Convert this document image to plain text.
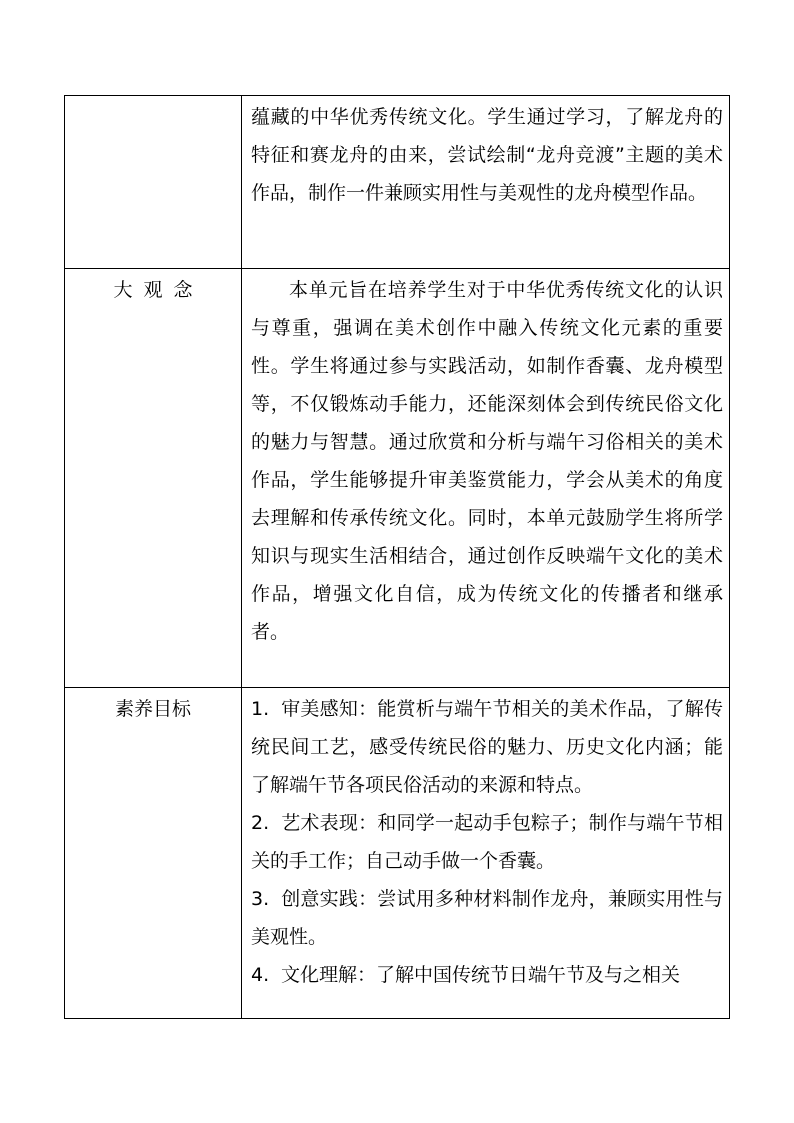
	蕴藏的中华优秀传统文化。学生通过学习，了解龙舟的特征和赛龙舟的由来，尝试绘制“龙舟竞渡”主题的美术作品，制作一件兼顾实用性与美观性的龙舟模型作品。

大观念	本单元旨在培养学生对于中华优秀传统文化的认识与尊重，强调在美术创作中融入传统文化元素的重要性。学生将通过参与实践活动，如制作香囊、龙舟模型等，不仅锻炼动手能力，还能深刻体会到传统民俗文化的魅力与智慧。通过欣赏和分析与端午习俗相关的美术作品，学生能够提升审美鉴赏能力，学会从美术的角度去理解和传承传统文化。同时，本单元鼓励学生将所学知识与现实生活相结合，通过创作反映端午文化的美术作品，增强文化自信，成为传统文化的传播者和继承者。

素养目标	1. 审美感知：能赏析与端午节相关的美术作品，了解传统民间工艺，感受传统民俗的魅力、历史文化内涵；能了解端午节各项民俗活动的来源和特点。

2. 艺术表现：和同学一起动手包粽子；制作与端午节相关的手工作；自己动手做一个香囊。

3. 创意实践：尝试用多种材料制作龙舟，兼顾实用性与美观性。

4. 文化理解：了解中国传统节日端午节及与之相关
